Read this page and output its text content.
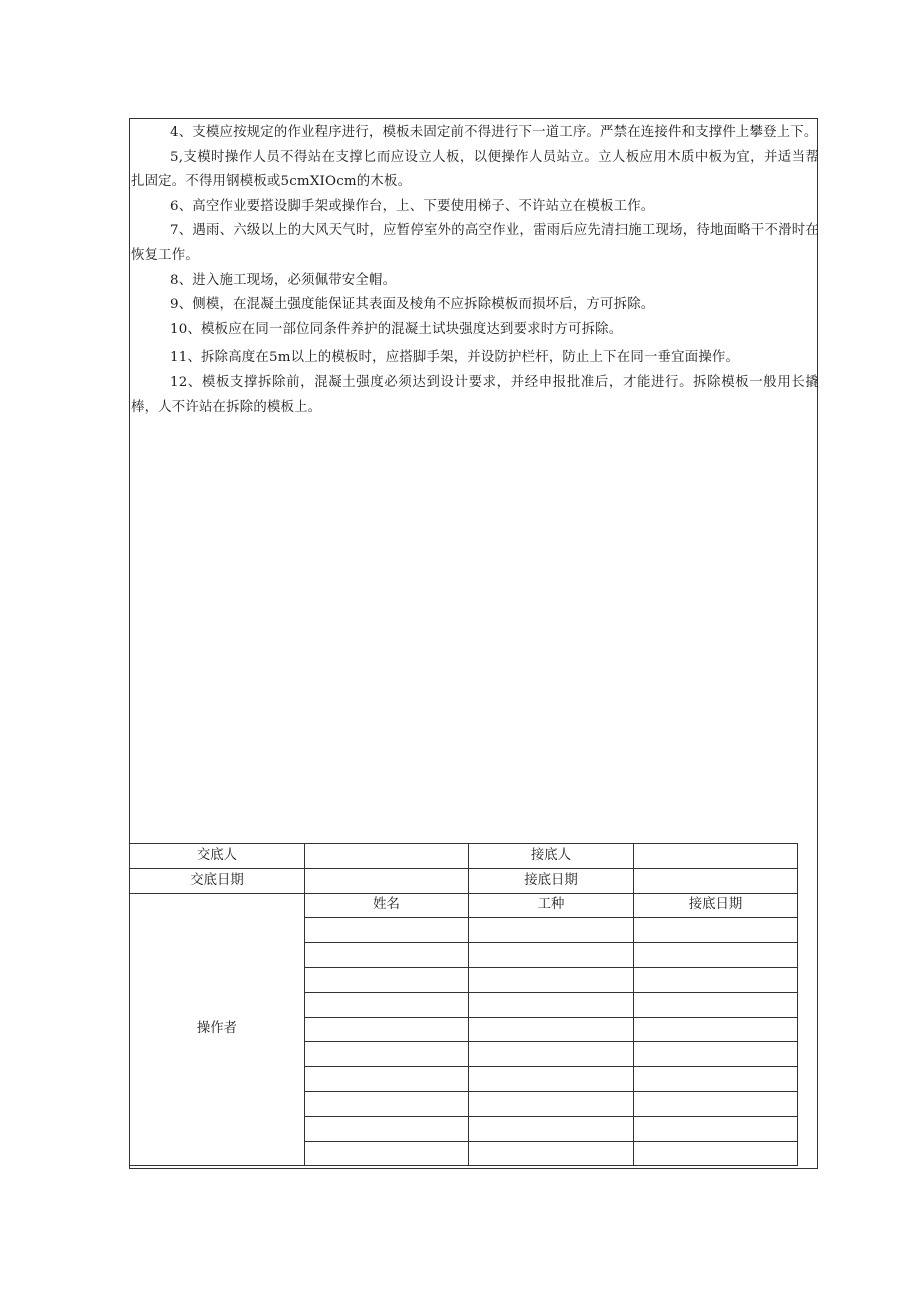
4、支模应按规定的作业程序进行，模板未固定前不得进行下一道工序。严禁在连接件和支撑件上攀登上下。

5,支模时操作人员不得站在支撑匕而应设立人板，以便操作人员站立。立人板应用木质中板为宜，并适当帮扎固定。不得用钢模板或5cmXIOcm的木板。

6、高空作业要搭设脚手架或操作台，上、下要使用梯子、不许站立在模板工作。

7、遇雨、六级以上的大风天气时，应暂停室外的高空作业，雷雨后应先清扫施工现场，待地面略干不滑时在恢复工作。

8、进入施工现场，必须佩带安全帽。

9、侧模，在混凝土强度能保证其表面及棱角不应拆除模板而损坏后，方可拆除。

10、模板应在同一部位同条件养护的混凝土试块强度达到要求时方可拆除。

11、拆除高度在5m以上的模板时，应搭脚手架，并设防护栏杆，防止上下在同一垂宜面操作。

12、模板支撑拆除前，混凝土强度必须达到设计要求，并经申报批准后，才能进行。拆除模板一般用长撬棒，人不许站在拆除的模板上。

交底人		接底人	
交底日期		接底日期	
操作者	姓名	工种	接底日期
